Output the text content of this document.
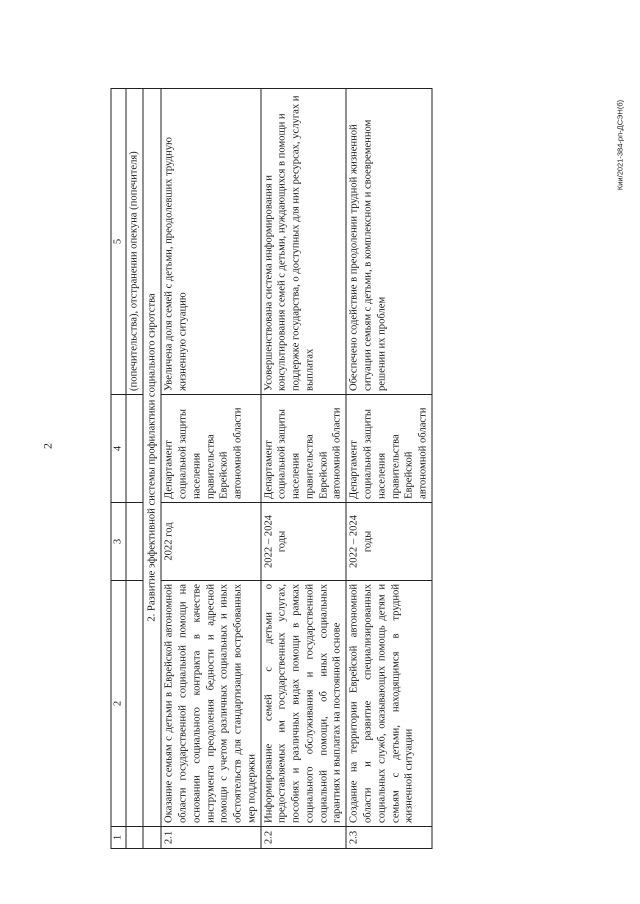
2
Кии/2021-384-рп-ДСЭН(б)
1	2	3	4	5
				(попечительства), отстранении опекуна (попечителя)
	2. Развитие эффективной системы профилактики социального сиротства			
2.1	Оказание семьям с детьми в Еврейской автономной области государственной социальной помощи на основании социального контракта в качестве инструмента преодоления бедности и адресной помощи с учетом различных социальных и иных обстоятельств для стандартизации востребованных мер поддержки	2022 год	Департамент социальной защиты населения правительства Еврейской автономной области	Увеличена доля семей с детьми, преодолевших трудную жизненную ситуацию
2.2	Информирование семей с детьми о предоставляемых им государственных услугах, пособиях и различных видах помощи в рамках социального обслуживания и государственной социальной помощи, об иных социальных гарантиях и выплатах на постоянной основе	2022 – 2024 годы	Департамент социальной защиты населения правительства Еврейской автономной области	Усовершенствована система информирования и консультирования семей с детьми, нуждающихся в помощи и поддержке государства, о доступных для них ресурсах, услугах и выплатах
2.3	Создание на территории Еврейской автономной области и развитие специализированных социальных служб, оказывающих помощь детям и семьям с детьми, находящимся в трудной жизненной ситуации	2022 – 2024 годы	Департамент социальной защиты населения правительства Еврейской автономной области	Обеспечено содействие в преодолении трудной жизненной ситуации семьям с детьми, в комплексном и своевременном решении их проблем
